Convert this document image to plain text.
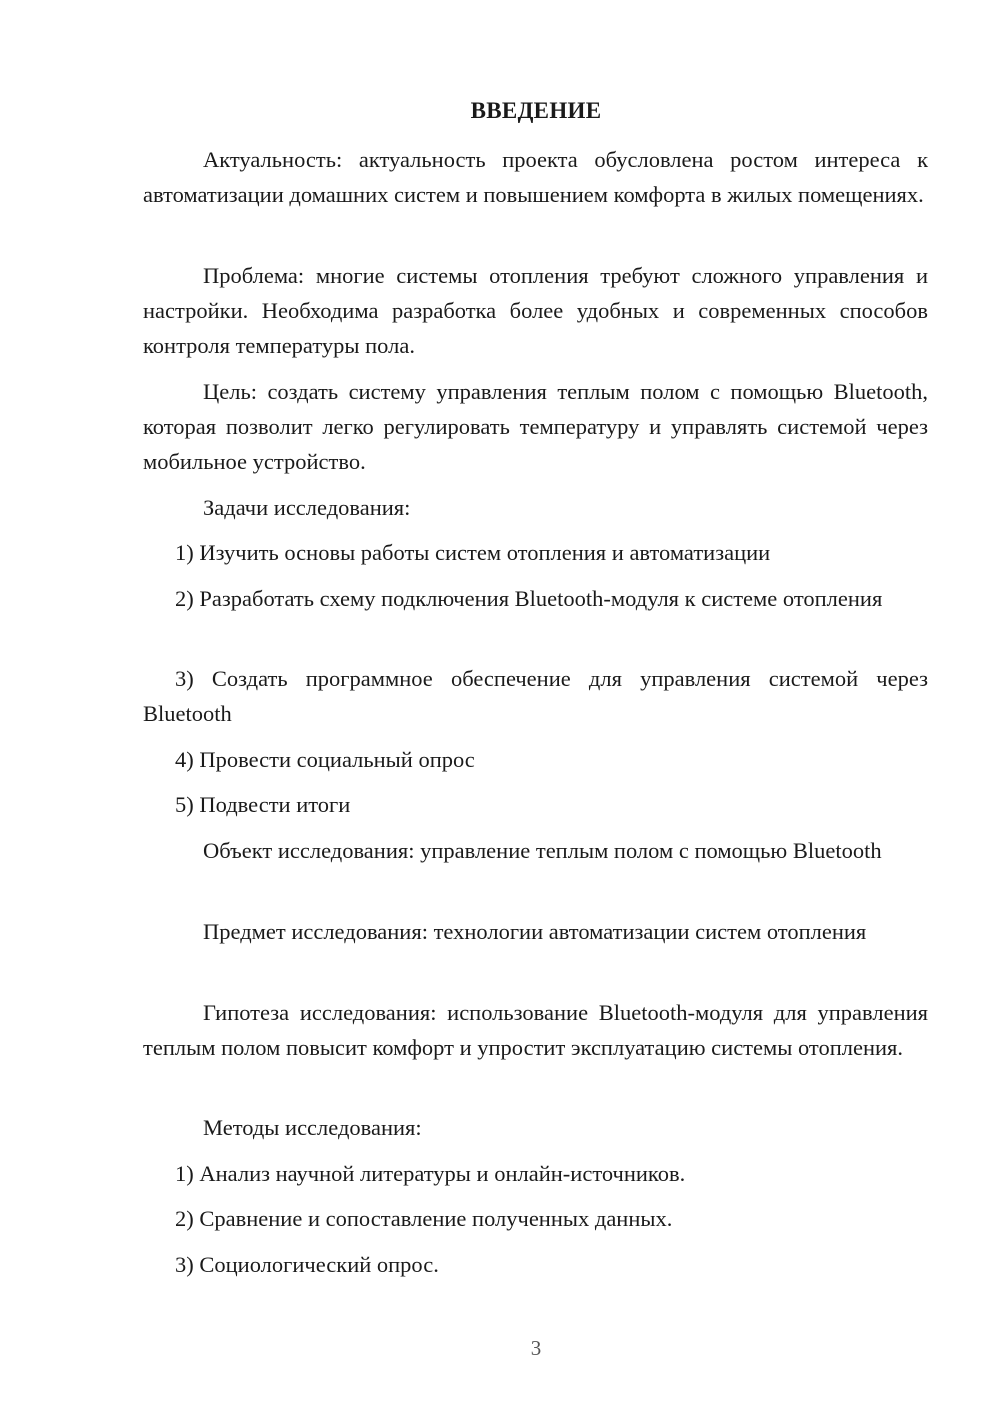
ВВЕДЕНИЕ

Актуальность: актуальность проекта обусловлена ростом интереса к автоматизации домашних систем и повышением комфорта в жилых помещениях.

Проблема: многие системы отопления требуют сложного управления и настройки. Необходима разработка более удобных и современных способов контроля температуры пола.

Цель: создать систему управления теплым полом с помощью Bluetooth, которая позволит легко регулировать температуру и управлять системой через мобильное устройство.

Задачи исследования:

1) Изучить основы работы систем отопления и автоматизации

2) Разработать схему подключения Bluetooth-модуля к системе отопления

3) Создать программное обеспечение для управления системой через Bluetooth

4) Провести социальный опрос

5) Подвести итоги

Объект исследования: управление теплым полом с помощью Bluetooth

Предмет исследования: технологии автоматизации систем отопления

Гипотеза исследования: использование Bluetooth-модуля для управления теплым полом повысит комфорт и упростит эксплуатацию системы отопления.

Методы исследования:

1) Анализ научной литературы и онлайн-источников.

2) Сравнение и сопоставление полученных данных.

3) Социологический опрос.

3
